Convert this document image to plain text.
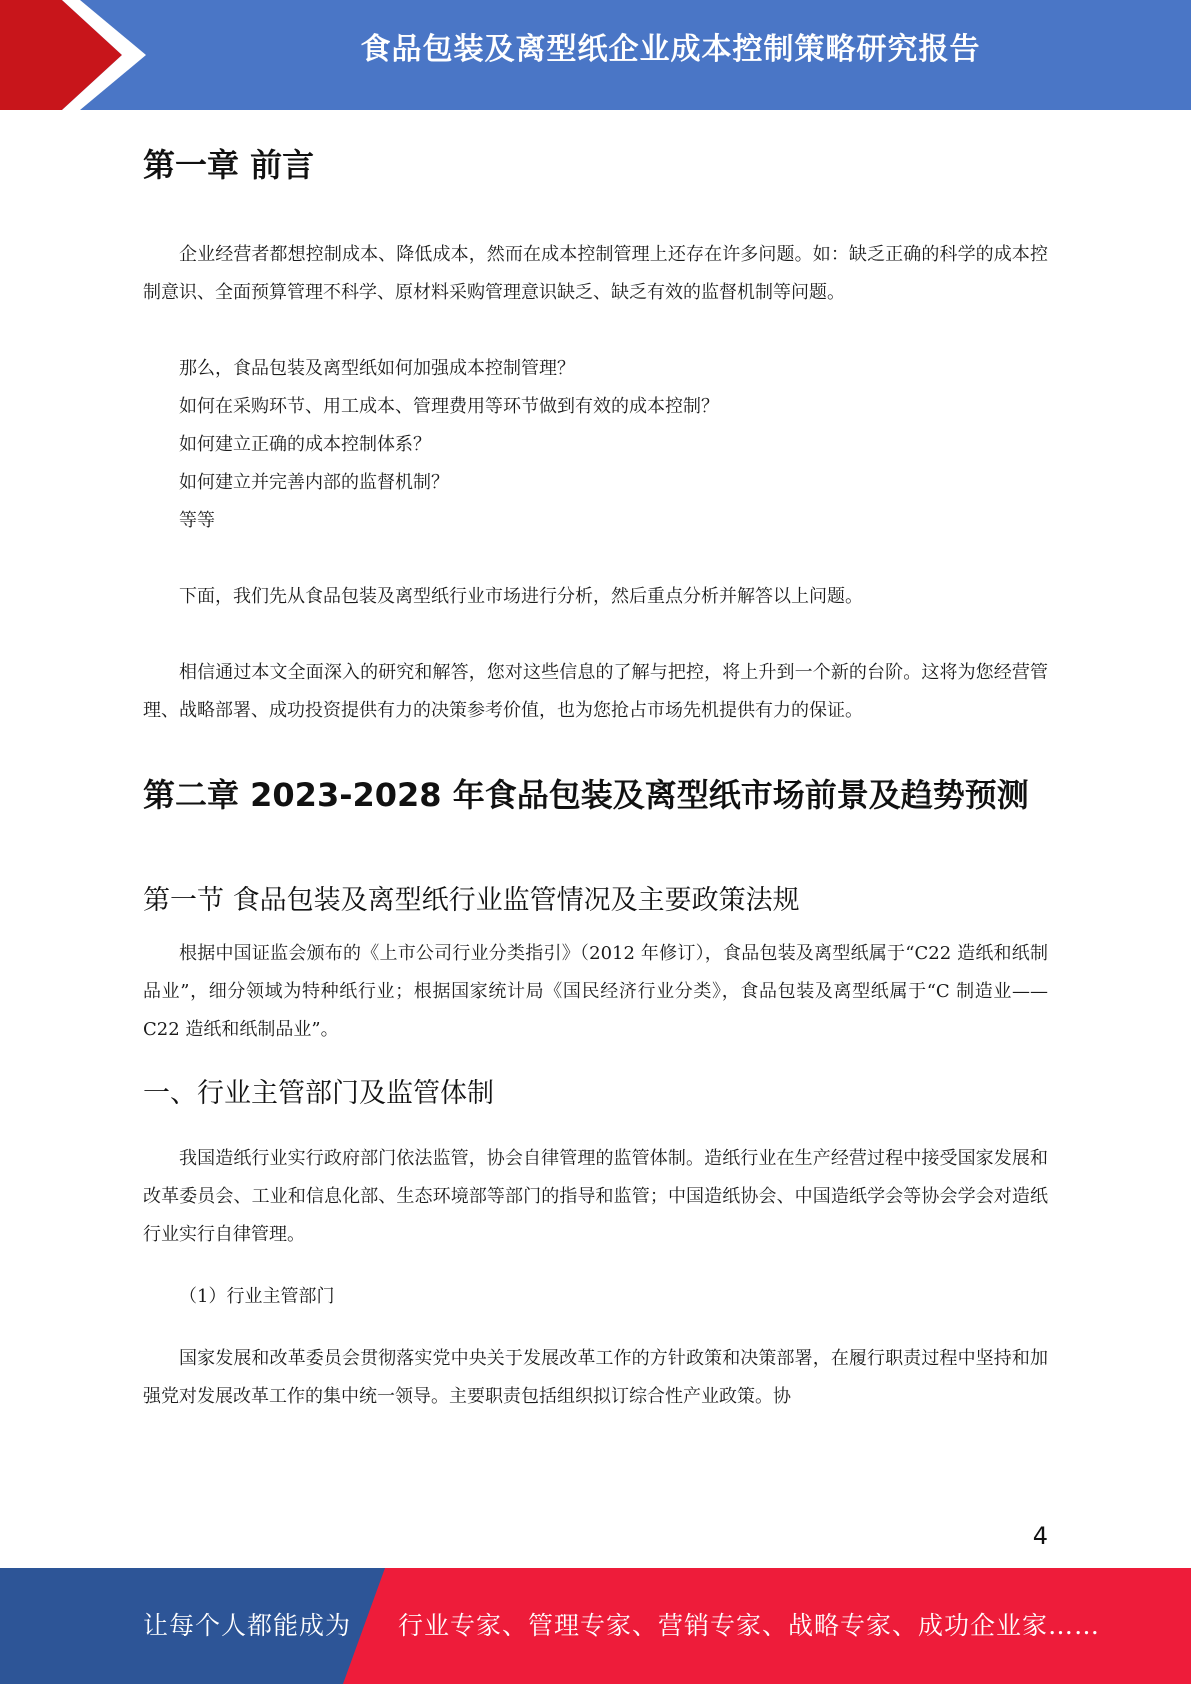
食品包装及离型纸企业成本控制策略研究报告
第一章 前言

企业经营者都想控制成本、降低成本，然而在成本控制管理上还存在许多问题。如：缺乏正确的科学的成本控制意识、全面预算管理不科学、原材料采购管理意识缺乏、缺乏有效的监督机制等问题。

那么，食品包装及离型纸如何加强成本控制管理？

如何在采购环节、用工成本、管理费用等环节做到有效的成本控制？

如何建立正确的成本控制体系？

如何建立并完善内部的监督机制？

等等

下面，我们先从食品包装及离型纸行业市场进行分析，然后重点分析并解答以上问题。

相信通过本文全面深入的研究和解答，您对这些信息的了解与把控，将上升到一个新的台阶。这将为您经营管理、战略部署、成功投资提供有力的决策参考价值，也为您抢占市场先机提供有力的保证。

第二章 2023-2028 年食品包装及离型纸市场前景及趋势预测
第一节 食品包装及离型纸行业监管情况及主要政策法规

根据中国证监会颁布的《上市公司行业分类指引》（2012 年修订），食品包装及离型纸属于“C22 造纸和纸制品业”，细分领域为特种纸行业；根据国家统计局《国民经济行业分类》，食品包装及离型纸属于“C 制造业—— C22 造纸和纸制品业”。

一、行业主管部门及监管体制

我国造纸行业实行政府部门依法监管，协会自律管理的监管体制。造纸行业在生产经营过程中接受国家发展和改革委员会、工业和信息化部、生态环境部等部门的指导和监管；中国造纸协会、中国造纸学会等协会学会对造纸行业实行自律管理。

（1）行业主管部门

国家发展和改革委员会贯彻落实党中央关于发展改革工作的方针政策和决策部署，在履行职责过程中坚持和加强党对发展改革工作的集中统一领导。主要职责包括组织拟订综合性产业政策。协

4
让每个人都能成为 行业专家、管理专家、营销专家、战略专家、成功企业家……
